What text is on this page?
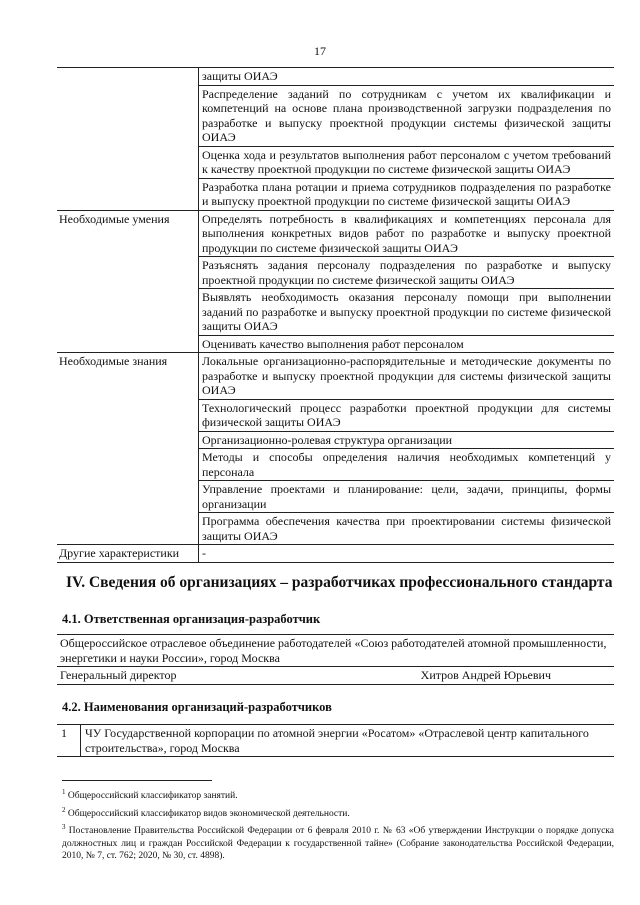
17
защиты ОИАЭ
Распределение заданий по сотрудникам с учетом их квалификации и компетенций на основе плана производственной загрузки подразделения по разработке и выпуску проектной продукции системы физической защиты ОИАЭ
Оценка хода и результатов выполнения работ персоналом с учетом требований к качеству проектной продукции по системе физической защиты ОИАЭ
Разработка плана ротации и приема сотрудников подразделения по разработке и выпуску проектной продукции по системе физической защиты ОИАЭ
Необходимые умения	Определять потребность в квалификациях и компетенциях персонала для выполнения конкретных видов работ по разработке и выпуску проектной продукции по системе физической защиты ОИАЭ
Разъяснять задания персоналу подразделения по разработке и выпуску проектной продукции по системе физической защиты ОИАЭ
Выявлять необходимость оказания персоналу помощи при выполнении заданий по разработке и выпуску проектной продукции по системе физической защиты ОИАЭ
Оценивать качество выполнения работ персоналом
Необходимые знания	Локальные организационно-распорядительные и методические документы по разработке и выпуску проектной продукции для системы физической защиты ОИАЭ
Технологический процесс разработки проектной продукции для системы физической защиты ОИАЭ
Организационно-ролевая структура организации
Методы и способы определения наличия необходимых компетенций у персонала
Управление проектами и планирование: цели, задачи, принципы, формы организации
Программа обеспечения качества при проектировании системы физической защиты ОИАЭ
Другие характеристики	-
IV. Сведения об организациях – разработчиках профессионального стандарта
4.1. Ответственная организация-разработчик
Общероссийское отраслевое объединение работодателей «Союз работодателей атомной промышленности, энергетики и науки России», город Москва
Генеральный директор	Хитров Андрей Юрьевич
4.2. Наименования организаций-разработчиков
1	ЧУ Государственной корпорации по атомной энергии «Росатом» «Отраслевой центр капитального строительства», город Москва

$^1$ Общероссийский классификатор занятий.

$^2$ Общероссийский классификатор видов экономической деятельности.

$^3$ Постановление Правительства Российской Федерации от 6 февраля 2010 г. № 63 «Об утверждении Инструкции о порядке допуска должностных лиц и граждан Российской Федерации к государственной тайне» (Собрание законодательства Российской Федерации, 2010, № 7, ст. 762; 2020, № 30, ст. 4898).
